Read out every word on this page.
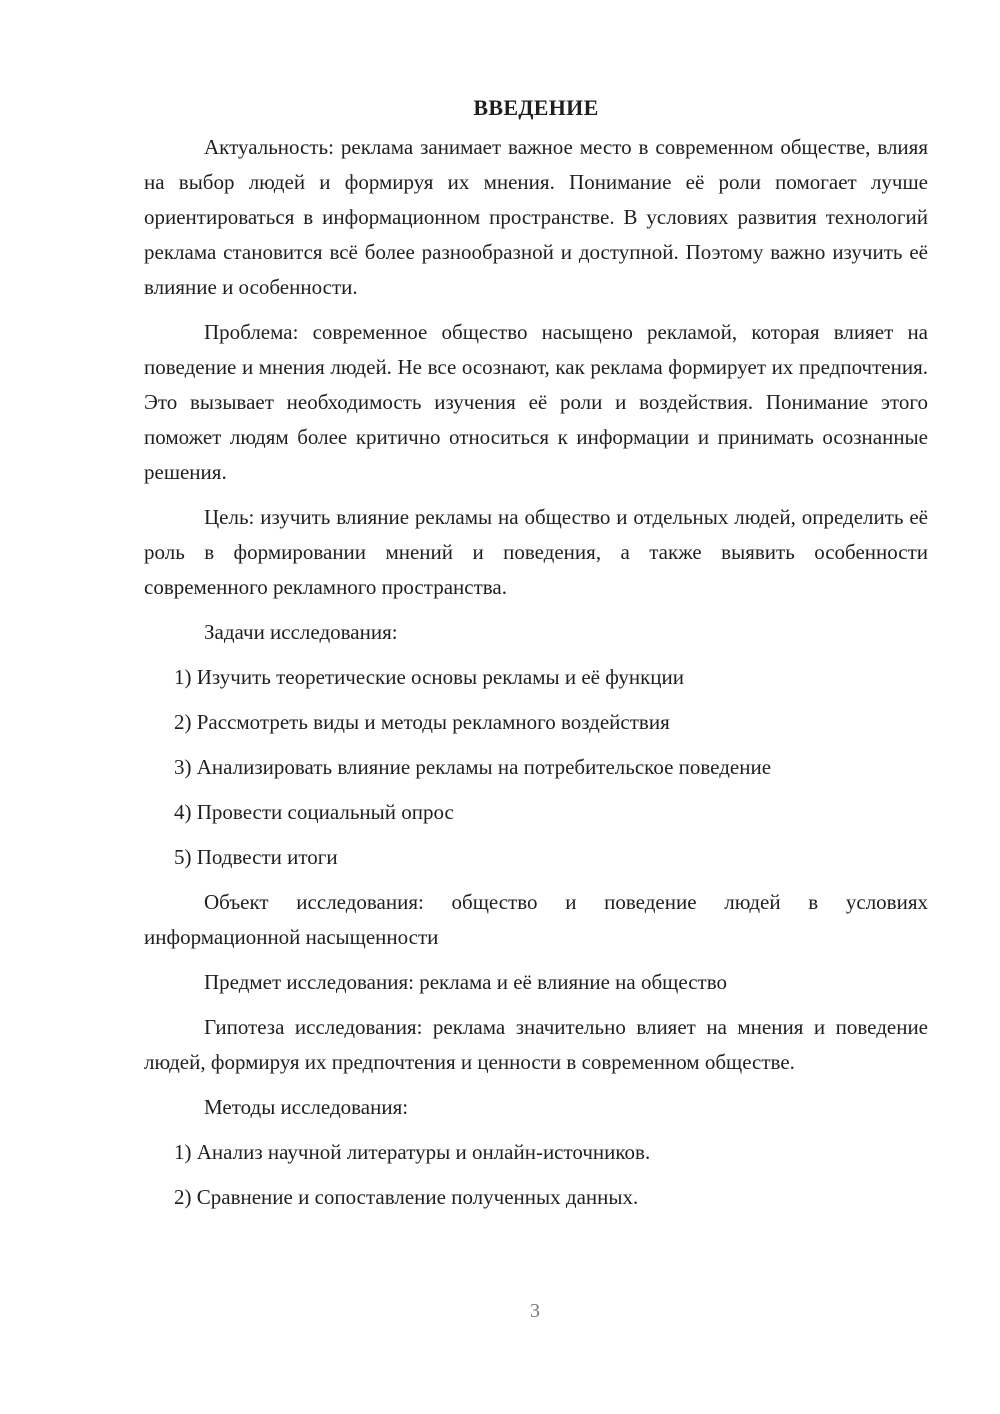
ВВЕДЕНИЕ

Актуальность: реклама занимает важное место в современном обществе, влияя на выбор людей и формируя их мнения. Понимание её роли помогает лучше ориентироваться в информационном пространстве. В условиях развития технологий реклама становится всё более разнообразной и доступной. Поэтому важно изучить её влияние и особенности.

Проблема: современное общество насыщено рекламой, которая влияет на поведение и мнения людей. Не все осознают, как реклама формирует их предпочтения. Это вызывает необходимость изучения её роли и воздействия. Понимание этого поможет людям более критично относиться к информации и принимать осознанные решения.

Цель: изучить влияние рекламы на общество и отдельных людей, определить её роль в формировании мнений и поведения, а также выявить особенности современного рекламного пространства.

Задачи исследования:

1) Изучить теоретические основы рекламы и её функции
2) Рассмотреть виды и методы рекламного воздействия
3) Анализировать влияние рекламы на потребительское поведение
4) Провести социальный опрос
5) Подвести итоги

Объект исследования: общество и поведение людей в условиях информационной насыщенности

Предмет исследования: реклама и её влияние на общество

Гипотеза исследования: реклама значительно влияет на мнения и поведение людей, формируя их предпочтения и ценности в современном обществе.

Методы исследования:

1) Анализ научной литературы и онлайн-источников.
2) Сравнение и сопоставление полученных данных.
3
